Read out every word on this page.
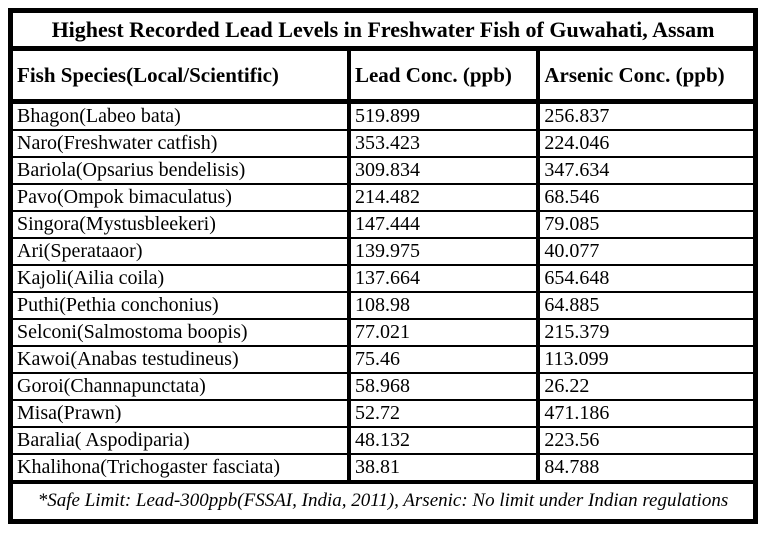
Highest Recorded Lead Levels in Freshwater Fish of Guwahati, Assam
Fish Species(Local/Scientific)	Lead Conc. (ppb)	Arsenic Conc. (ppb)
Bhagon(Labeo bata)	519.899	256.837
Naro(Freshwater catfish)	353.423	224.046
Bariola(Opsarius bendelisis)	309.834	347.634
Pavo(Ompok bimaculatus)	214.482	68.546
Singora(Mystusbleekeri)	147.444	79.085
Ari(Sperataaor)	139.975	40.077
Kajoli(Ailia coila)	137.664	654.648
Puthi(Pethia conchonius)	108.98	64.885
Selconi(Salmostoma boopis)	77.021	215.379
Kawoi(Anabas testudineus)	75.46	113.099
Goroi(Channapunctata)	58.968	26.22
Misa(Prawn)	52.72	471.186
Baralia( Aspodiparia)	48.132	223.56
Khalihona(Trichogaster fasciata)	38.81	84.788
*Safe Limit: Lead-300ppb(FSSAI, India, 2011), Arsenic: No limit under Indian regulations
